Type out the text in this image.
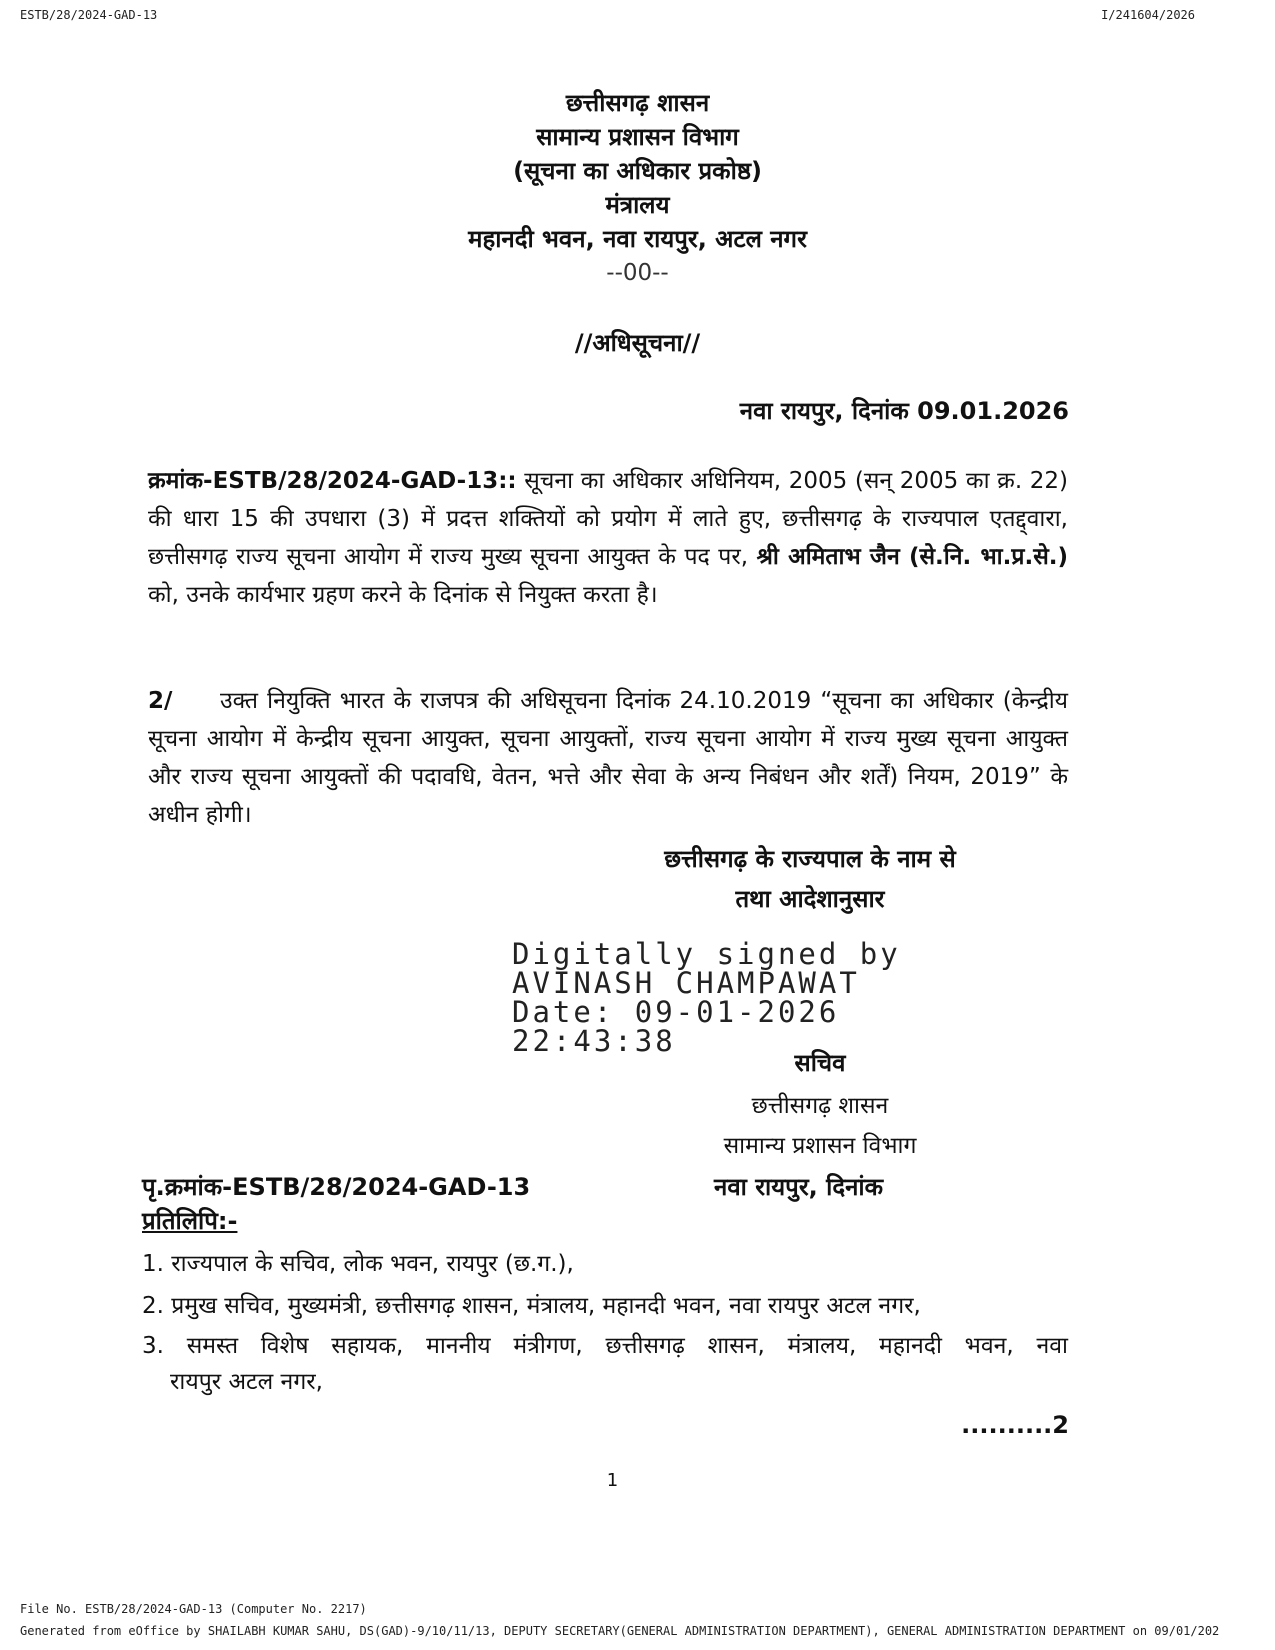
ESTB/28/2024-GAD-13	I/241604/2026
छत्तीसगढ़ शासन
सामान्य प्रशासन विभाग
(सूचना का अधिकार प्रकोष्ठ)
मंत्रालय
महानदी भवन, नवा रायपुर, अटल नगर
--00--
//अधिसूचना//
नवा रायपुर, दिनांक 09.01.2026
क्रमांक-ESTB/28/2024-GAD-13:: सूचना का अधिकार अधिनियम, 2005 (सन् 2005 का क्र. 22) की धारा 15 की उपधारा (3) में प्रदत्त शक्तियों को प्रयोग में लाते हुए, छत्तीसगढ़ के राज्यपाल एतद्द्वारा, छत्तीसगढ़ राज्य सूचना आयोग में राज्य मुख्य सूचना आयुक्त के पद पर, श्री अमिताभ जैन (से.नि. भा.प्र.से.) को, उनके कार्यभार ग्रहण करने के दिनांक से नियुक्त करता है।
2/ उक्त नियुक्ति भारत के राजपत्र की अधिसूचना दिनांक 24.10.2019 “सूचना का अधिकार (केन्द्रीय सूचना आयोग में केन्द्रीय सूचना आयुक्त, सूचना आयुक्तों, राज्य सूचना आयोग में राज्य मुख्य सूचना आयुक्त और राज्य सूचना आयुक्तों की पदावधि, वेतन, भत्ते और सेवा के अन्य निबंधन और शर्तें) नियम, 2019” के अधीन होगी।
छत्तीसगढ़ के राज्यपाल के नाम से
तथा आदेशानुसार
Digitally signed by
AVINASH CHAMPAWAT
Date: 09-01-2026
22:43:38
सचिव
छत्तीसगढ़ शासन
सामान्य प्रशासन विभाग
पृ.क्रमांक-ESTB/28/2024-GAD-13	नवा रायपुर, दिनांक
प्रतिलिपि:-
1. राज्यपाल के सचिव, लोक भवन, रायपुर (छ.ग.),
2. प्रमुख सचिव, मुख्यमंत्री, छत्तीसगढ़ शासन, मंत्रालय, महानदी भवन, नवा रायपुर अटल नगर,
3. समस्त विशेष सहायक, माननीय मंत्रीगण, छत्तीसगढ़ शासन, मंत्रालय, महानदी भवन, नवा
रायपुर अटल नगर,
..........2
1
File No. ESTB/28/2024-GAD-13 (Computer No. 2217)
Generated from eOffice by SHAILABH KUMAR SAHU, DS(GAD)-9/10/11/13, DEPUTY SECRETARY(GENERAL ADMINISTRATION DEPARTMENT), GENERAL ADMINISTRATION DEPARTMENT on 09/01/202
